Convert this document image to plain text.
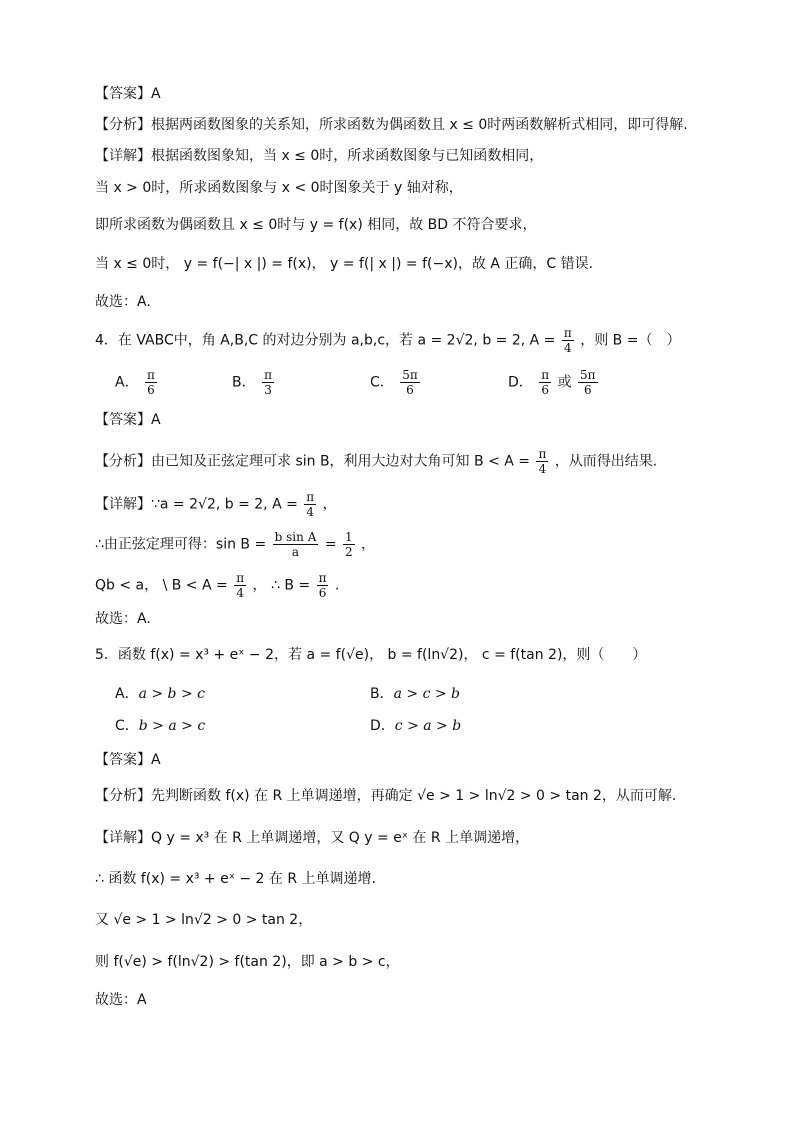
【答案】A
【分析】根据两函数图象的关系知，所求函数为偶函数且 x ≤ 0时两函数解析式相同，即可得解.
【详解】根据函数图象知，当 x ≤ 0时，所求函数图象与已知函数相同，
当 x > 0时，所求函数图象与 x < 0时图象关于 y 轴对称，
即所求函数为偶函数且 x ≤ 0时与 y = f(x) 相同，故 BD 不符合要求，
当 x ≤ 0时， y = f(−| x |) = f(x)， y = f(| x |) = f(−x)，故 A 正确，C 错误.
故选：A.
4．在 VABC中，角 A,B,C 的对边分别为 a,b,c，若 a = 2√2, b = 2, $A = \frac{\pi}{4}$ ，则 B =（　）
A． $\frac{\pi}{6}$	B． $\frac{\pi}{3}$	C． $\frac{5\pi}{6}$	D． $\frac{\pi}{6}$ 或 $\frac{5\pi}{6}$
【答案】A
【分析】由已知及正弦定理可求 sin B，利用大边对大角可知 $B < A = \frac{\pi}{4}$ ，从而得出结果.
【详解】∵a = 2√2, b = 2, $A = \frac{\pi}{4}$ ，
∴由正弦定理可得：$\sin B = \frac{\text{b sin A}}{a} = \frac{1}{2}$ ，
Qb < a， \ $B < A = \frac{\pi}{4}$ ， ∴ $B = \frac{\pi}{6}$ .
故选：A.
5．函数 f(x) = x³ + eˣ − 2，若 a = f(√e)， b = f(ln√2)， c = f(tan 2)，则（　　）
A．a > b > c	B．a > c > b
C．b > a > c	D．c > a > b
【答案】A
【分析】先判断函数 f(x) 在 R 上单调递增，再确定 √e > 1 > ln√2 > 0 > tan 2，从而可解.
【详解】Q y = x³ 在 R 上单调递增，又 Q y = eˣ 在 R 上单调递增，
∴ 函数 f(x) = x³ + eˣ − 2 在 R 上单调递增.
又 √e > 1 > ln√2 > 0 > tan 2，
则 f(√e) > f(ln√2) > f(tan 2)，即 a > b > c，
故选：A
